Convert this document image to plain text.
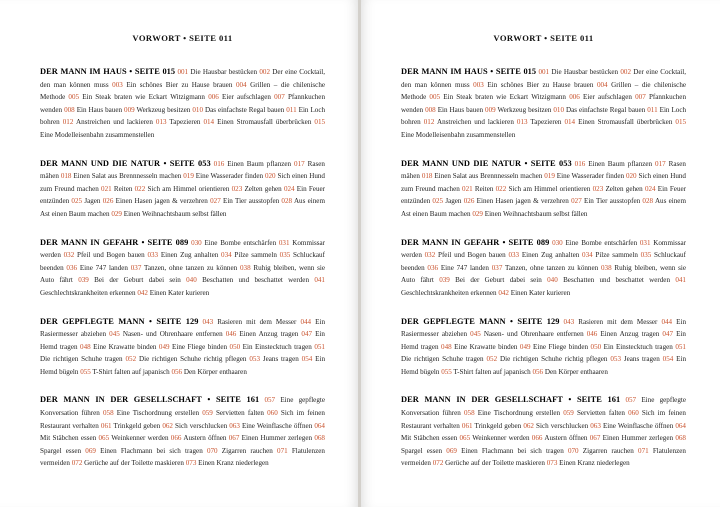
VORWORT • SEITE 011
DER MANN IM HAUS • SEITE 015 001 Die Hausbar bestücken 002 Der eine Cocktail, den man können muss 003 Ein schönes Bier zu Hause brauen 004 Grillen – die chilenische Methode 005 Ein Steak braten wie Eckart Witzigmann 006 Eier aufschlagen 007 Pfannkuchen wenden 008 Ein Haus bauen 009 Werkzeug besitzen 010 Das einfachste Regal bauen 011 Ein Loch bohren 012 Anstreichen und lackieren 013 Tapezieren 014 Einen Stromausfall überbrücken 015 Eine Modelleisenbahn zusammenstellen
DER MANN UND DIE NATUR • SEITE 053 016 Einen Baum pflanzen 017 Rasen mähen 018 Einen Salat aus Brennnesseln machen 019 Eine Wasserader finden 020 Sich einen Hund zum Freund machen 021 Reiten 022 Sich am Himmel orientieren 023 Zelten gehen 024 Ein Feuer entzünden 025 Jagen 026 Einen Hasen jagen & verzehren 027 Ein Tier ausstopfen 028 Aus einem Ast einen Baum machen 029 Einen Weihnachtsbaum selbst fällen
DER MANN IN GEFAHR • SEITE 089 030 Eine Bombe entschärfen 031 Kommissar werden 032 Pfeil und Bogen bauen 033 Einen Zug anhalten 034 Pilze sammeln 035 Schluckauf beenden 036 Eine 747 landen 037 Tanzen, ohne tanzen zu können 038 Ruhig bleiben, wenn sie Auto fährt 039 Bei der Geburt dabei sein 040 Beschatten und beschattet werden 041 Geschlechtskrankheiten erkennen 042 Einen Kater kurieren
DER GEPFLEGTE MANN • SEITE 129 043 Rasieren mit dem Messer 044 Ein Rasiermesser abziehen 045 Nasen- und Ohrenhaare entfernen 046 Einen Anzug tragen 047 Ein Hemd tragen 048 Eine Krawatte binden 049 Eine Fliege binden 050 Ein Einstecktuch tragen 051 Die richtigen Schuhe tragen 052 Die richtigen Schuhe richtig pflegen 053 Jeans tragen 054 Ein Hemd bügeln 055 T-Shirt falten auf japanisch 056 Den Körper enthaaren
DER MANN IN DER GESELLSCHAFT • SEITE 161 057 Eine gepflegte Konversation führen 058 Eine Tischordnung erstellen 059 Servietten falten 060 Sich im feinen Restaurant verhalten 061 Trinkgeld geben 062 Sich verschlucken 063 Eine Weinflasche öffnen 064 Mit Stäbchen essen 065 Weinkenner werden 066 Austern öffnen 067 Einen Hummer zerlegen 068 Spargel essen 069 Einen Flachmann bei sich tragen 070 Zigarren rauchen 071 Flatulenzen vermeiden 072 Gerüche auf der Toilette maskieren 073 Einen Kranz niederlegen
VORWORT • SEITE 011
DER MANN IM HAUS • SEITE 015 001 Die Hausbar bestücken 002 Der eine Cocktail, den man können muss 003 Ein schönes Bier zu Hause brauen 004 Grillen – die chilenische Methode 005 Ein Steak braten wie Eckart Witzigmann 006 Eier aufschlagen 007 Pfannkuchen wenden 008 Ein Haus bauen 009 Werkzeug besitzen 010 Das einfachste Regal bauen 011 Ein Loch bohren 012 Anstreichen und lackieren 013 Tapezieren 014 Einen Stromausfall überbrücken 015 Eine Modelleisenbahn zusammenstellen
DER MANN UND DIE NATUR • SEITE 053 016 Einen Baum pflanzen 017 Rasen mähen 018 Einen Salat aus Brennnesseln machen 019 Eine Wasserader finden 020 Sich einen Hund zum Freund machen 021 Reiten 022 Sich am Himmel orientieren 023 Zelten gehen 024 Ein Feuer entzünden 025 Jagen 026 Einen Hasen jagen & verzehren 027 Ein Tier ausstopfen 028 Aus einem Ast einen Baum machen 029 Einen Weihnachtsbaum selbst fällen
DER MANN IN GEFAHR • SEITE 089 030 Eine Bombe entschärfen 031 Kommissar werden 032 Pfeil und Bogen bauen 033 Einen Zug anhalten 034 Pilze sammeln 035 Schluckauf beenden 036 Eine 747 landen 037 Tanzen, ohne tanzen zu können 038 Ruhig bleiben, wenn sie Auto fährt 039 Bei der Geburt dabei sein 040 Beschatten und beschattet werden 041 Geschlechtskrankheiten erkennen 042 Einen Kater kurieren
DER GEPFLEGTE MANN • SEITE 129 043 Rasieren mit dem Messer 044 Ein Rasiermesser abziehen 045 Nasen- und Ohrenhaare entfernen 046 Einen Anzug tragen 047 Ein Hemd tragen 048 Eine Krawatte binden 049 Eine Fliege binden 050 Ein Einstecktuch tragen 051 Die richtigen Schuhe tragen 052 Die richtigen Schuhe richtig pflegen 053 Jeans tragen 054 Ein Hemd bügeln 055 T-Shirt falten auf japanisch 056 Den Körper enthaaren
DER MANN IN DER GESELLSCHAFT • SEITE 161 057 Eine gepflegte Konversation führen 058 Eine Tischordnung erstellen 059 Servietten falten 060 Sich im feinen Restaurant verhalten 061 Trinkgeld geben 062 Sich verschlucken 063 Eine Weinflasche öffnen 064 Mit Stäbchen essen 065 Weinkenner werden 066 Austern öffnen 067 Einen Hummer zerlegen 068 Spargel essen 069 Einen Flachmann bei sich tragen 070 Zigarren rauchen 071 Flatulenzen vermeiden 072 Gerüche auf der Toilette maskieren 073 Einen Kranz niederlegen
